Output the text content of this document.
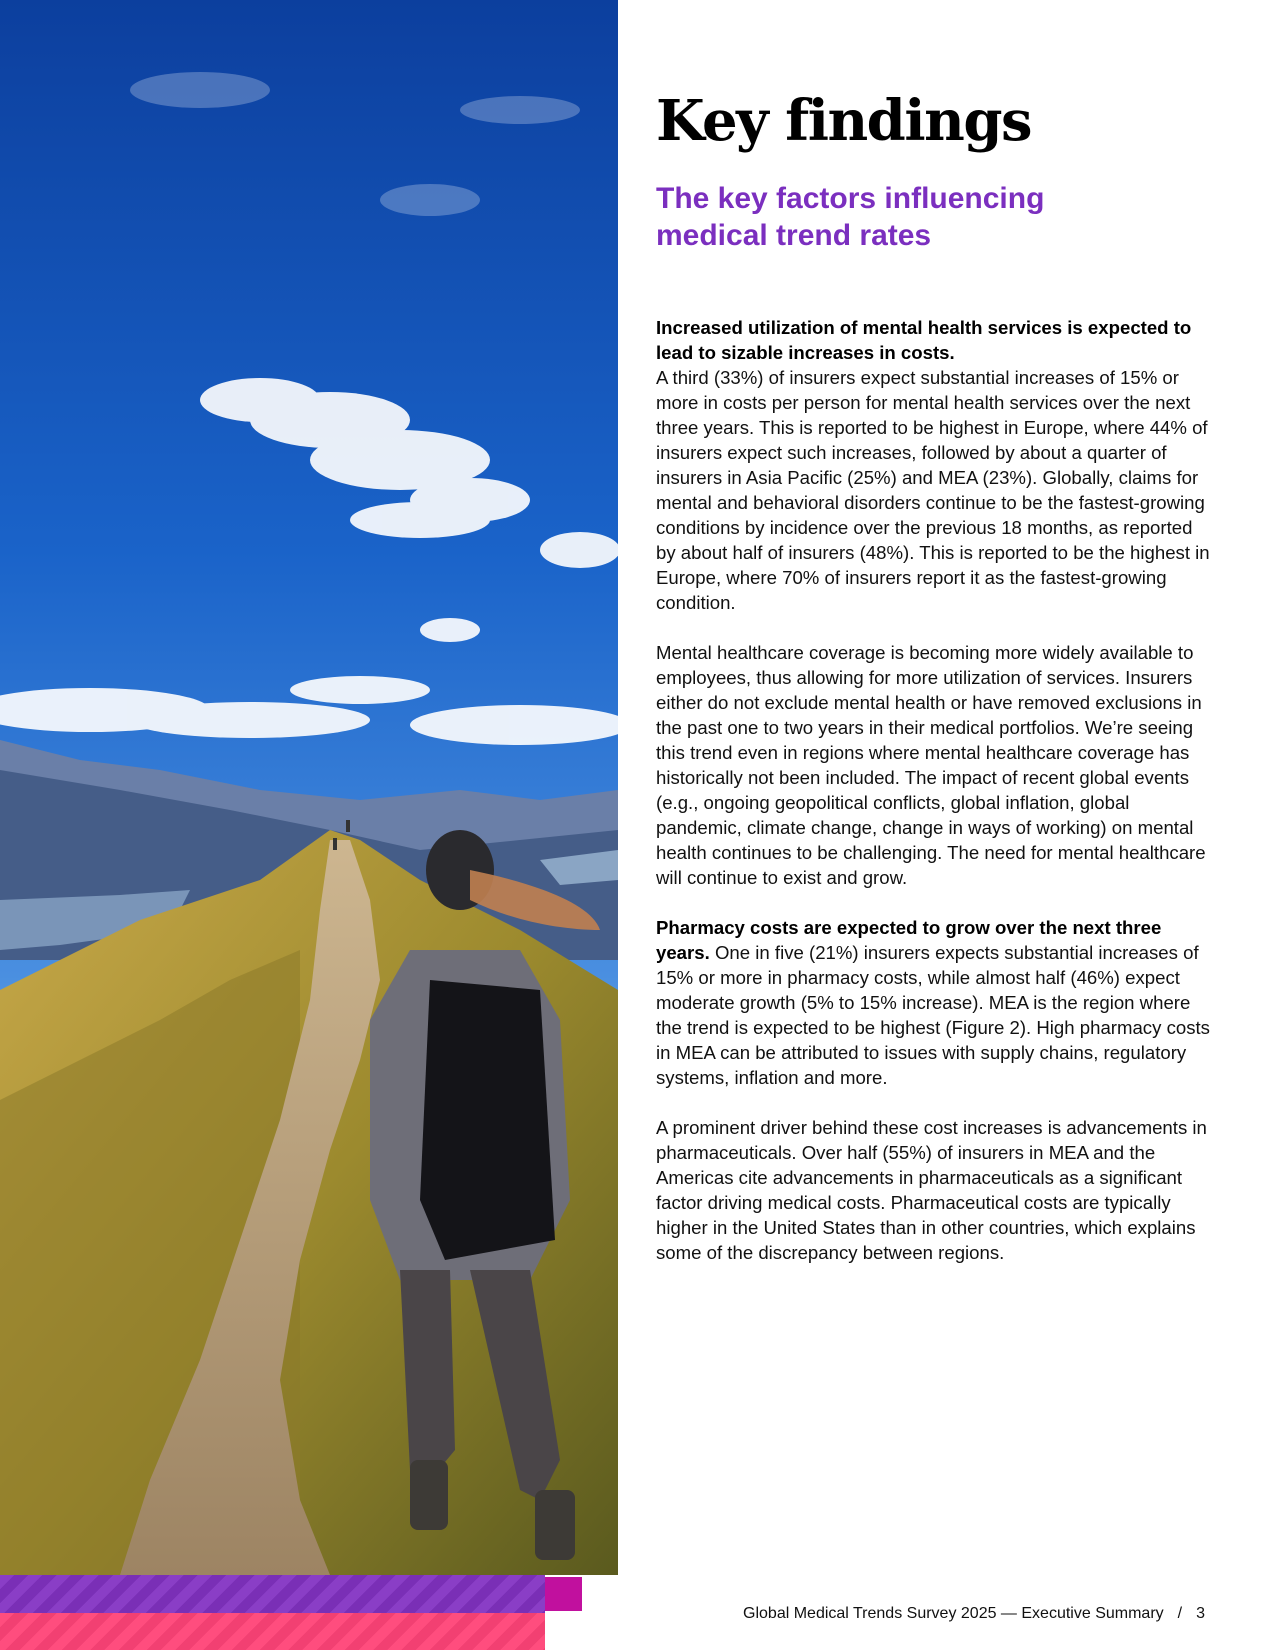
Key findings
The key factors influencing
medical trend rates

Increased utilization of mental health services is expected to lead to sizable increases in costs.
A third (33%) of insurers expect substantial increases of 15% or more in costs per person for mental health services over the next three years. This is reported to be highest in Europe, where 44% of insurers expect such increases, followed by about a quarter of insurers in Asia Pacific (25%) and MEA (23%). Globally, claims for mental and behavioral disorders continue to be the fastest-growing conditions by incidence over the previous 18 months, as reported by about half of insurers (48%). This is reported to be the highest in Europe, where 70% of insurers report it as the fastest-growing condition.

Mental healthcare coverage is becoming more widely available to employees, thus allowing for more utilization of services. Insurers either do not exclude mental health or have removed exclusions in the past one to two years in their medical portfolios. We’re seeing this trend even in regions where mental healthcare coverage has historically not been included. The impact of recent global events (e.g., ongoing geopolitical conflicts, global inflation, global pandemic, climate change, change in ways of working) on mental health continues to be challenging. The need for mental healthcare will continue to exist and grow.

Pharmacy costs are expected to grow over the next three years. One in five (21%) insurers expects substantial increases of 15% or more in pharmacy costs, while almost half (46%) expect moderate growth (5% to 15% increase). MEA is the region where the trend is expected to be highest (Figure 2). High pharmacy costs in MEA can be attributed to issues with supply chains, regulatory systems, inflation and more.

A prominent driver behind these cost increases is advancements in pharmaceuticals. Over half (55%) of insurers in MEA and the Americas cite advancements in pharmaceuticals as a significant factor driving medical costs. Pharmaceutical costs are typically higher in the United States than in other countries, which explains some of the discrepancy between regions.

Global Medical Trends Survey 2025 — Executive Summary / 3
